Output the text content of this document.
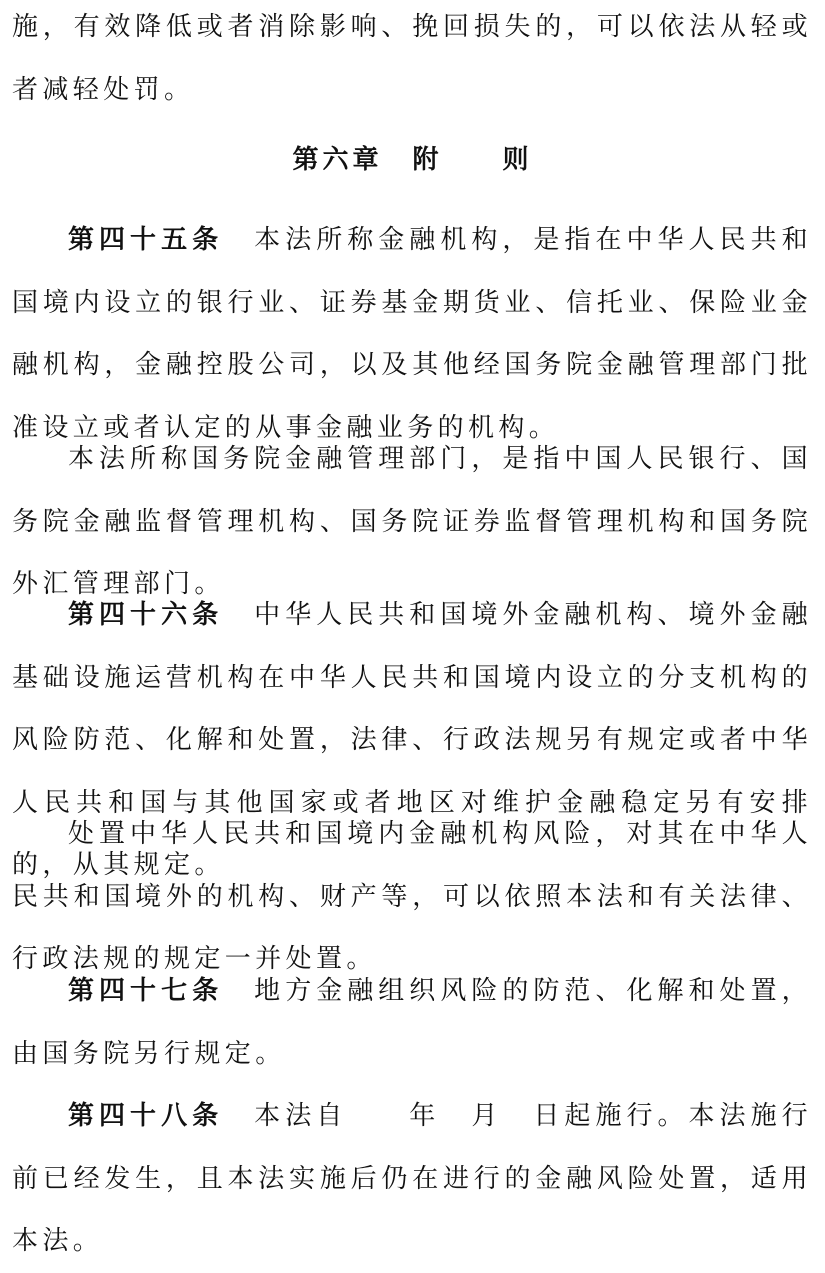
施，有效降低或者消除影响、挽回损失的，可以依法从轻或者减轻处罚。

第六章　附　　则

第四十五条　 本法所称金融机构，是指在中华人民共和国境内设立的银行业、证券基金期货业、信托业、保险业金融机构，金融控股公司，以及其他经国务院金融管理部门批准设立或者认定的从事金融业务的机构。

本法所称国务院金融管理部门，是指中国人民银行、国务院金融监督管理机构、国务院证券监督管理机构和国务院外汇管理部门。

第四十六条　 中华人民共和国境外金融机构、境外金融基础设施运营机构在中华人民共和国境内设立的分支机构的风险防范、化解和处置，法律、行政法规另有规定或者中华人民共和国与其他国家或者地区对维护金融稳定另有安排的，从其规定。

处置中华人民共和国境内金融机构风险，对其在中华人民共和国境外的机构、财产等，可以依照本法和有关法律、行政法规的规定一并处置。

第四十七条　 地方金融组织风险的防范、化解和处置，由国务院另行规定。

第四十八条　 本法自　　年　月　日起施行。本法施行前已经发生，且本法实施后仍在进行的金融风险处置，适用本法。
